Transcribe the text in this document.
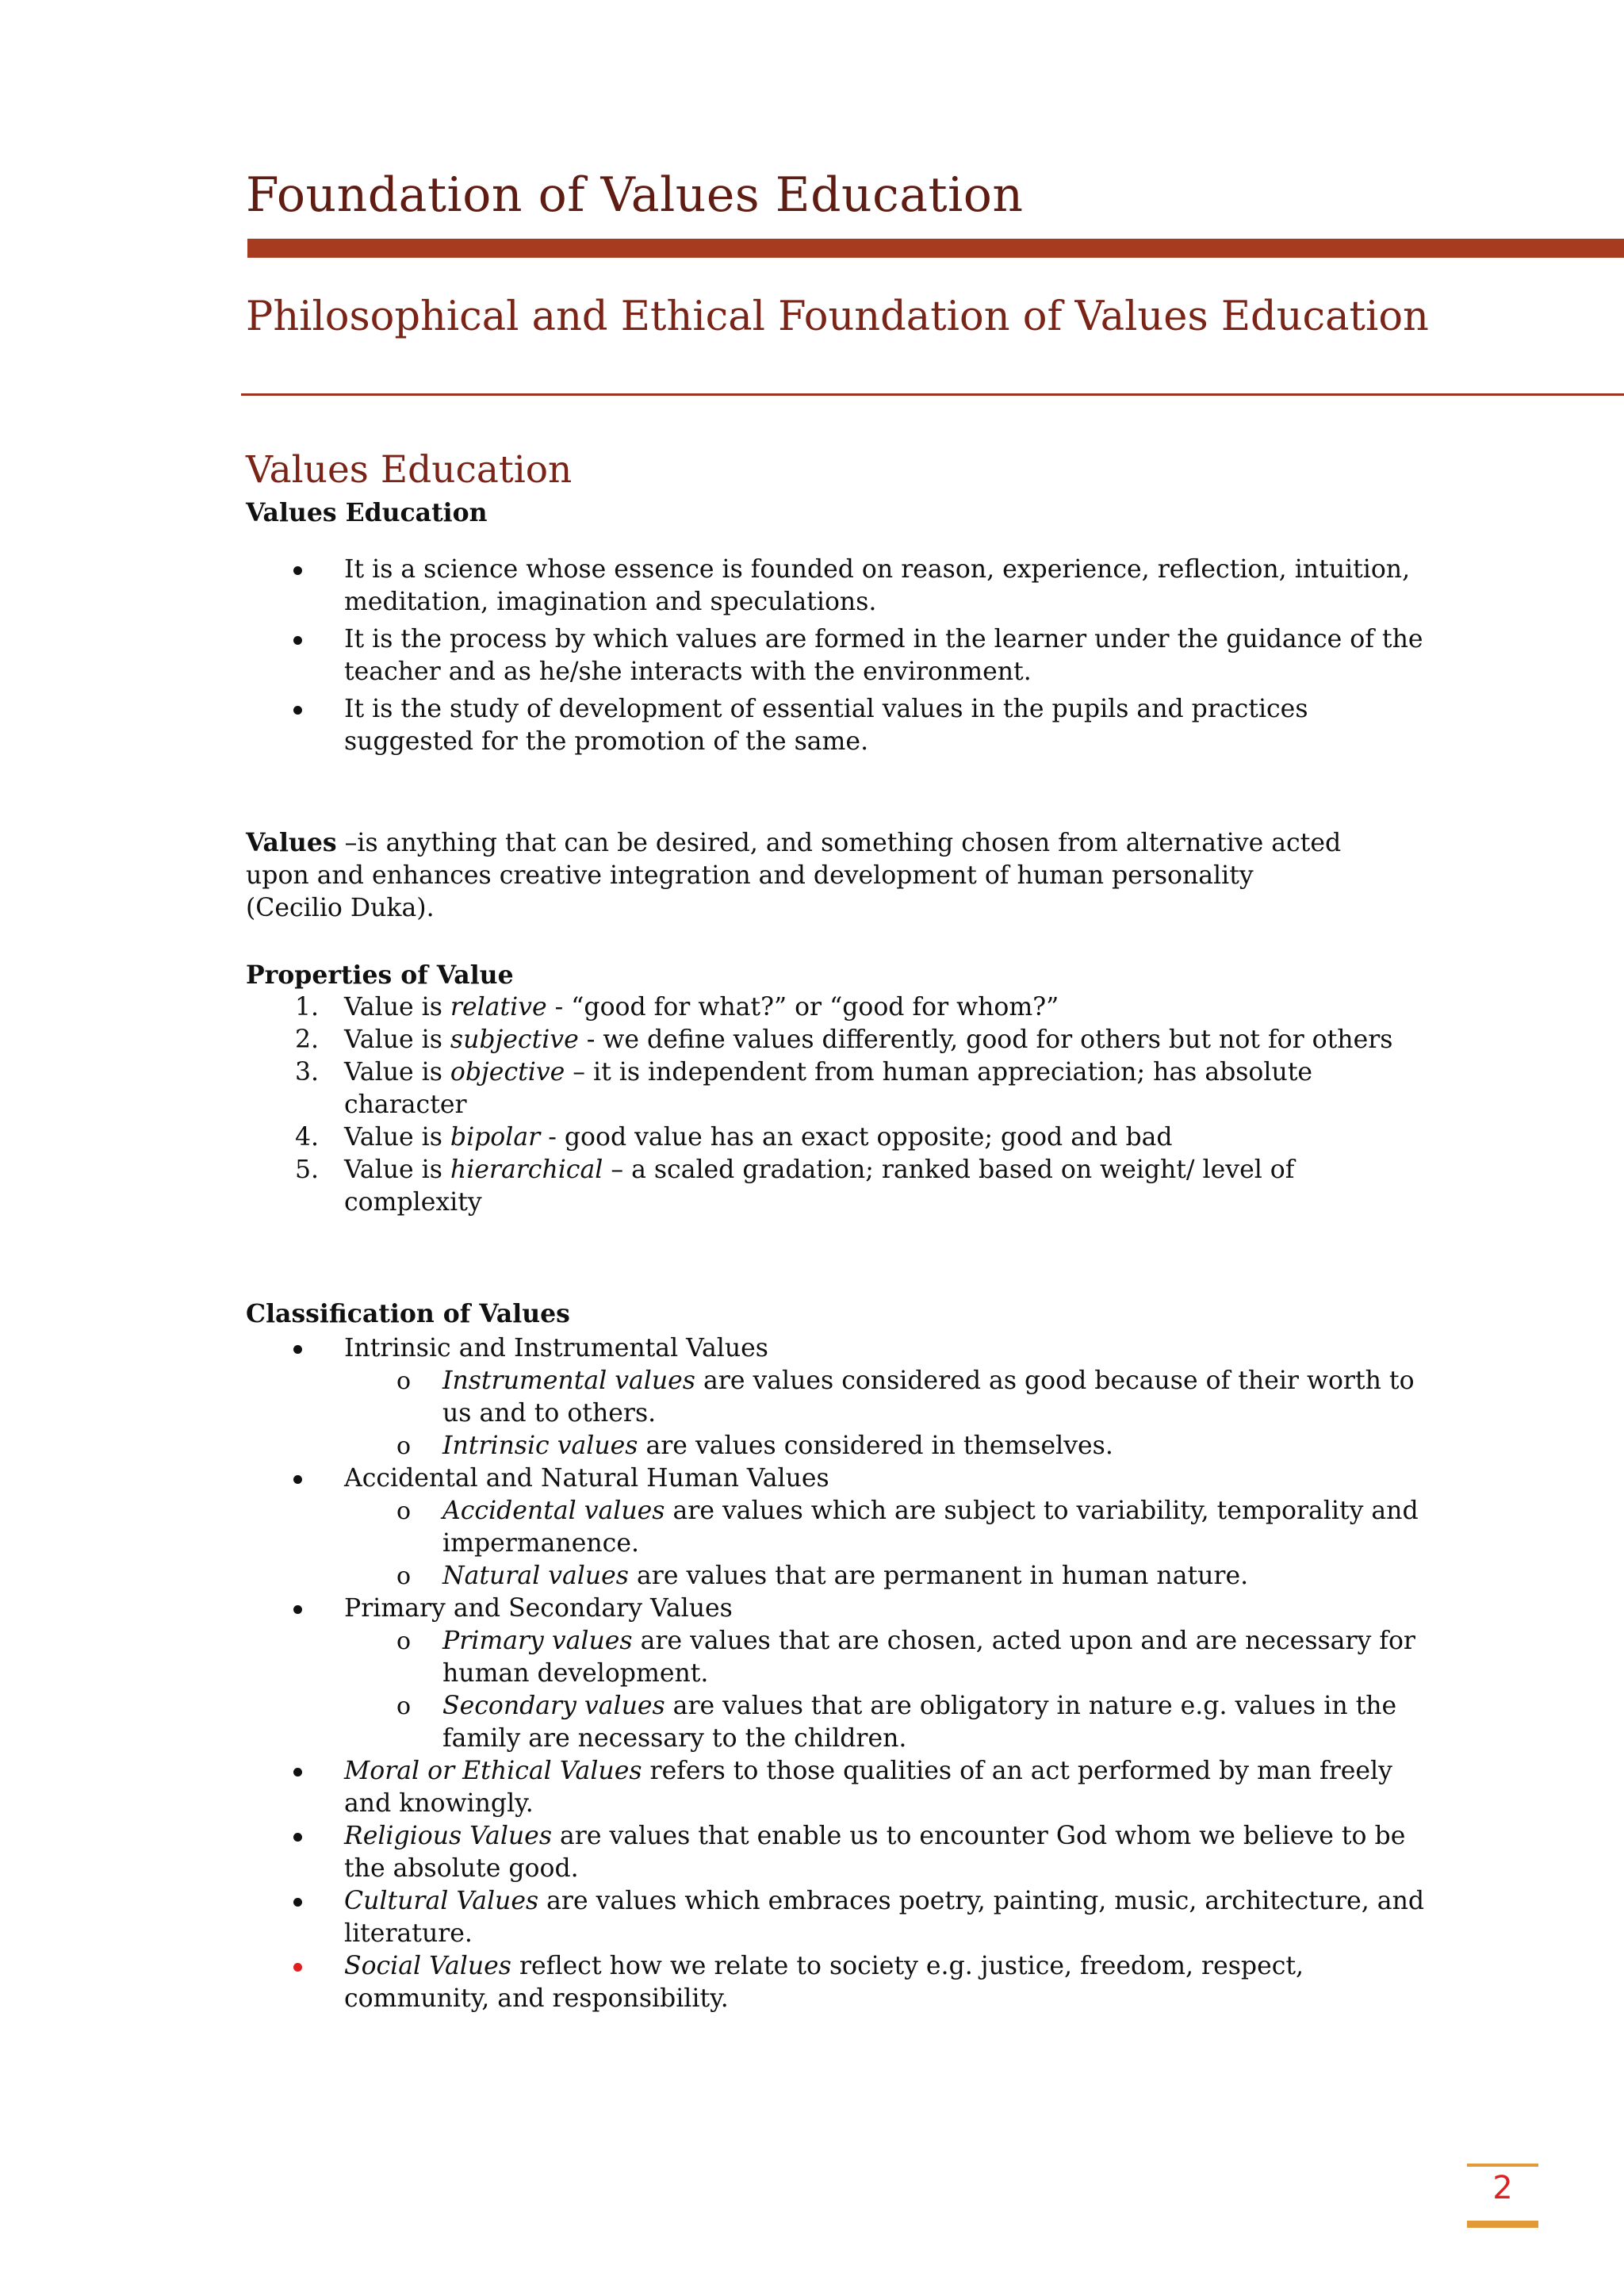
Foundation of Values Education
Philosophical and Ethical Foundation of Values Education
Values Education

Values Education

It is a science whose essence is founded on reason, experience, reflection, intuition, meditation, imagination and speculations.
It is the process by which values are formed in the learner under the guidance of the teacher and as he/she interacts with the environment.
It is the study of development of essential values in the pupils and practices suggested for the promotion of the same.

Values –is anything that can be desired, and something chosen from alternative acted upon and enhances creative integration and development of human personality (Cecilio Duka).

Properties of Value

1.	Value is relative - “good for what?” or “good for whom?”
2.	Value is subjective - we define values differently, good for others but not for others
3.	Value is objective – it is independent from human appreciation; has absolute character
4.	Value is bipolar - good value has an exact opposite; good and bad
5.	Value is hierarchical – a scaled gradation; ranked based on weight/ level of complexity

Classification of Values

Intrinsic and Instrumental Values
o Instrumental values are values considered as good because of their worth to us and to others.
o Intrinsic values are values considered in themselves.
Accidental and Natural Human Values
o Accidental values are values which are subject to variability, temporality and impermanence.
o Natural values are values that are permanent in human nature.
Primary and Secondary Values
o Primary values are values that are chosen, acted upon and are necessary for human development.
o Secondary values are values that are obligatory in nature e.g. values in the family are necessary to the children.
Moral or Ethical Values refers to those qualities of an act performed by man freely and knowingly.
Religious Values are values that enable us to encounter God whom we believe to be the absolute good.
Cultural Values are values which embraces poetry, painting, music, architecture, and literature.
Social Values reflect how we relate to society e.g. justice, freedom, respect, community, and responsibility.
2
